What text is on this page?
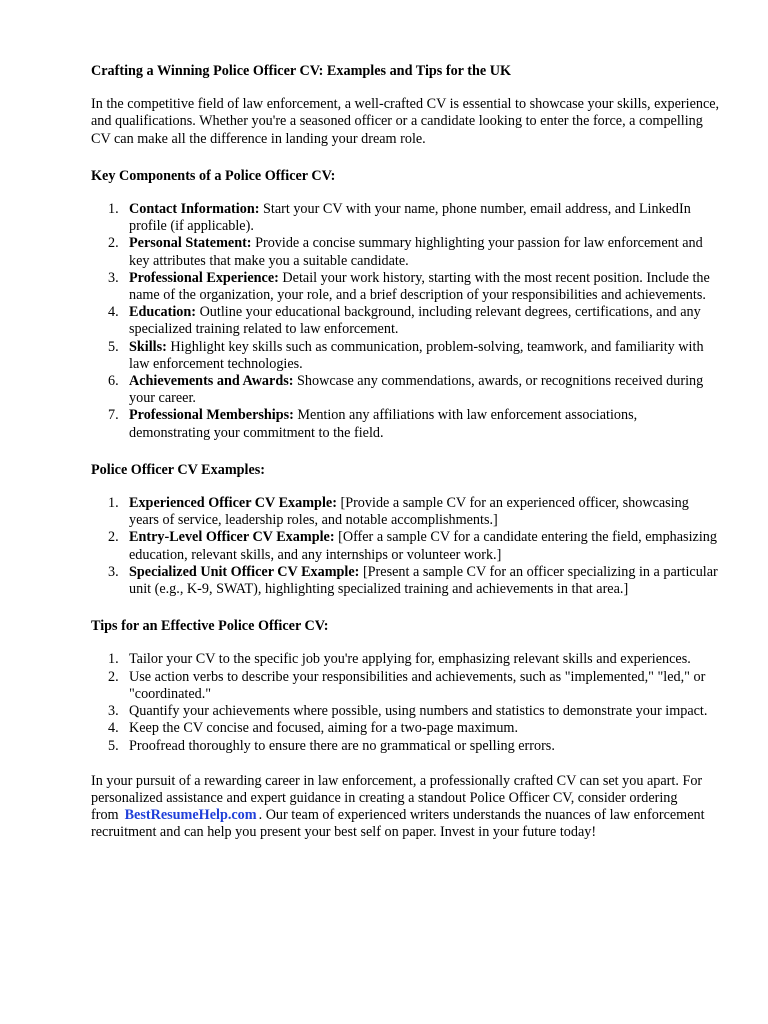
Crafting a Winning Police Officer CV: Examples and Tips for the UK

In the competitive field of law enforcement, a well-crafted CV is essential to showcase your skills, experience, and qualifications. Whether you're a seasoned officer or a candidate looking to enter the force, a compelling CV can make all the difference in landing your dream role.

Key Components of a Police Officer CV:
1. Contact Information: Start your CV with your name, phone number, email address, and LinkedIn profile (if applicable).
2. Personal Statement: Provide a concise summary highlighting your passion for law enforcement and key attributes that make you a suitable candidate.
3. Professional Experience: Detail your work history, starting with the most recent position. Include the name of the organization, your role, and a brief description of your responsibilities and achievements.
4. Education: Outline your educational background, including relevant degrees, certifications, and any specialized training related to law enforcement.
5. Skills: Highlight key skills such as communication, problem-solving, teamwork, and familiarity with law enforcement technologies.
6. Achievements and Awards: Showcase any commendations, awards, or recognitions received during your career.
7. Professional Memberships: Mention any affiliations with law enforcement associations, demonstrating your commitment to the field.
Police Officer CV Examples:
1. Experienced Officer CV Example: [Provide a sample CV for an experienced officer, showcasing years of service, leadership roles, and notable accomplishments.]
2. Entry-Level Officer CV Example: [Offer a sample CV for a candidate entering the field, emphasizing education, relevant skills, and any internships or volunteer work.]
3. Specialized Unit Officer CV Example: [Present a sample CV for an officer specializing in a particular unit (e.g., K-9, SWAT), highlighting specialized training and achievements in that area.]
Tips for an Effective Police Officer CV:
1. Tailor your CV to the specific job you're applying for, emphasizing relevant skills and experiences.
2. Use action verbs to describe your responsibilities and achievements, such as "implemented," "led," or "coordinated."
3. Quantify your achievements where possible, using numbers and statistics to demonstrate your impact.
4. Keep the CV concise and focused, aiming for a two-page maximum.
5. Proofread thoroughly to ensure there are no grammatical or spelling errors.

In your pursuit of a rewarding career in law enforcement, a professionally crafted CV can set you apart. For personalized assistance and expert guidance in creating a standout Police Officer CV, consider ordering from BestResumeHelp.com . Our team of experienced writers understands the nuances of law enforcement recruitment and can help you present your best self on paper. Invest in your future today!
